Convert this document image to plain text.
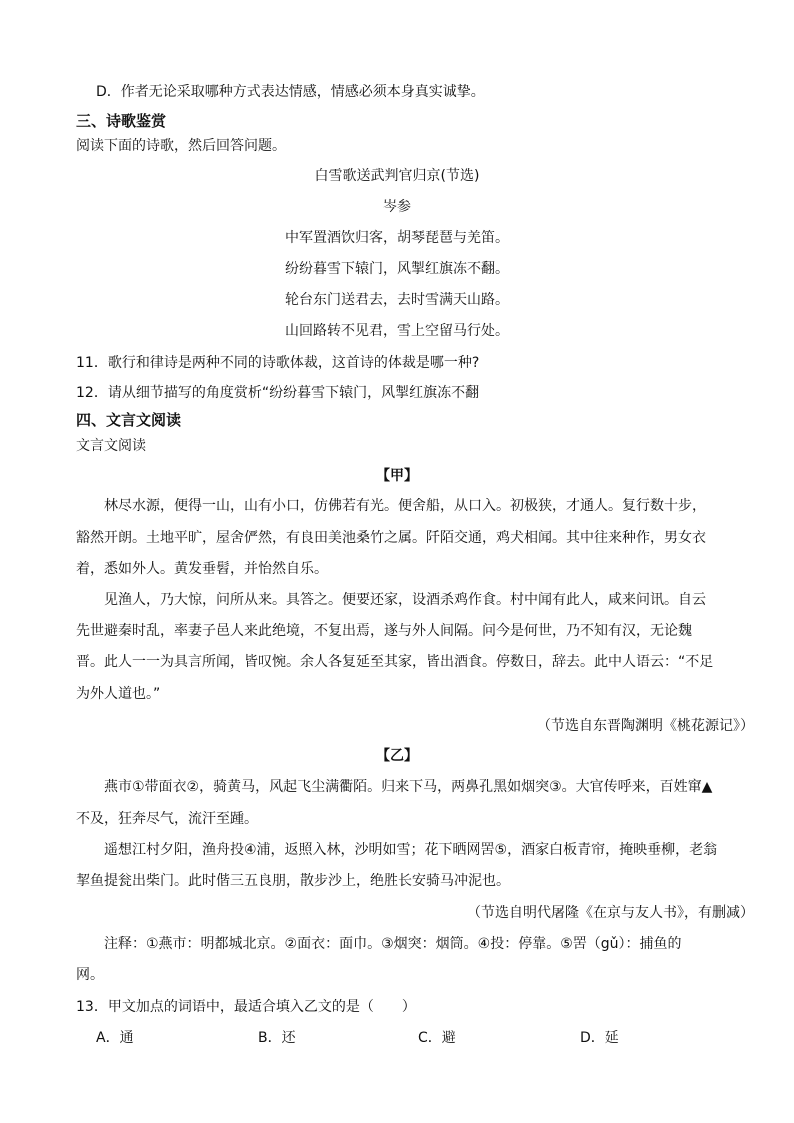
D．作者无论采取哪种方式表达情感，情感必须本身真实诚挚。
三、诗歌鉴赏
阅读下面的诗歌，然后回答问题。
白雪歌送武判官归京(节选)
岑参
中军置酒饮归客，胡琴琵琶与羌笛。
纷纷暮雪下辕门，风掣红旗冻不翻。
轮台东门送君去，去时雪满天山路。
山回路转不见君，雪上空留马行处。
11．歌行和律诗是两种不同的诗歌体裁，这首诗的体裁是哪一种?
12．请从细节描写的角度赏析“纷纷暮雪下辕门，风掣红旗冻不翻
四、文言文阅读
文言文阅读
【甲】
林尽水源，便得一山，山有小口，仿佛若有光。便舍船，从口入。初极狭，才通人。复行数十步，
豁然开朗。土地平旷，屋舍俨然，有良田美池桑竹之属。阡陌交通，鸡犬相闻。其中往来种作，男女衣
着，悉如外人。黄发垂髫，并怡然自乐。
见渔人，乃大惊，问所从来。具答之。便要还家，设酒杀鸡作食。村中闻有此人，咸来问讯。自云
先世避秦时乱，率妻子邑人来此绝境，不复出焉，遂与外人间隔。问今是何世，乃不知有汉，无论魏
晋。此人一一为具言所闻，皆叹惋。余人各复延至其家，皆出酒食。停数日，辞去。此中人语云：“不足
为外人道也。”
（节选自东晋陶渊明《桃花源记》）
【乙】
燕市①带面衣②，骑黄马，风起飞尘满衢陌。归来下马，两鼻孔黑如烟突③。大官传呼来，百姓窜▲
不及，狂奔尽气，流汗至踵。
遥想江村夕阳，渔舟投④浦，返照入林，沙明如雪；花下晒网罟⑤，酒家白板青帘，掩映垂柳，老翁
挈鱼提瓮出柴门。此时偕三五良朋，散步沙上，绝胜长安骑马冲泥也。
（节选自明代屠隆《在京与友人书》，有删减）
注释：①燕市：明都城北京。②面衣：面巾。③烟突：烟筒。④投：停靠。⑤罟（gǔ）：捕鱼的
网。
13．甲文加点的词语中，最适合填入乙文的是（　　）
A．通	B．还	C．避	D．延
